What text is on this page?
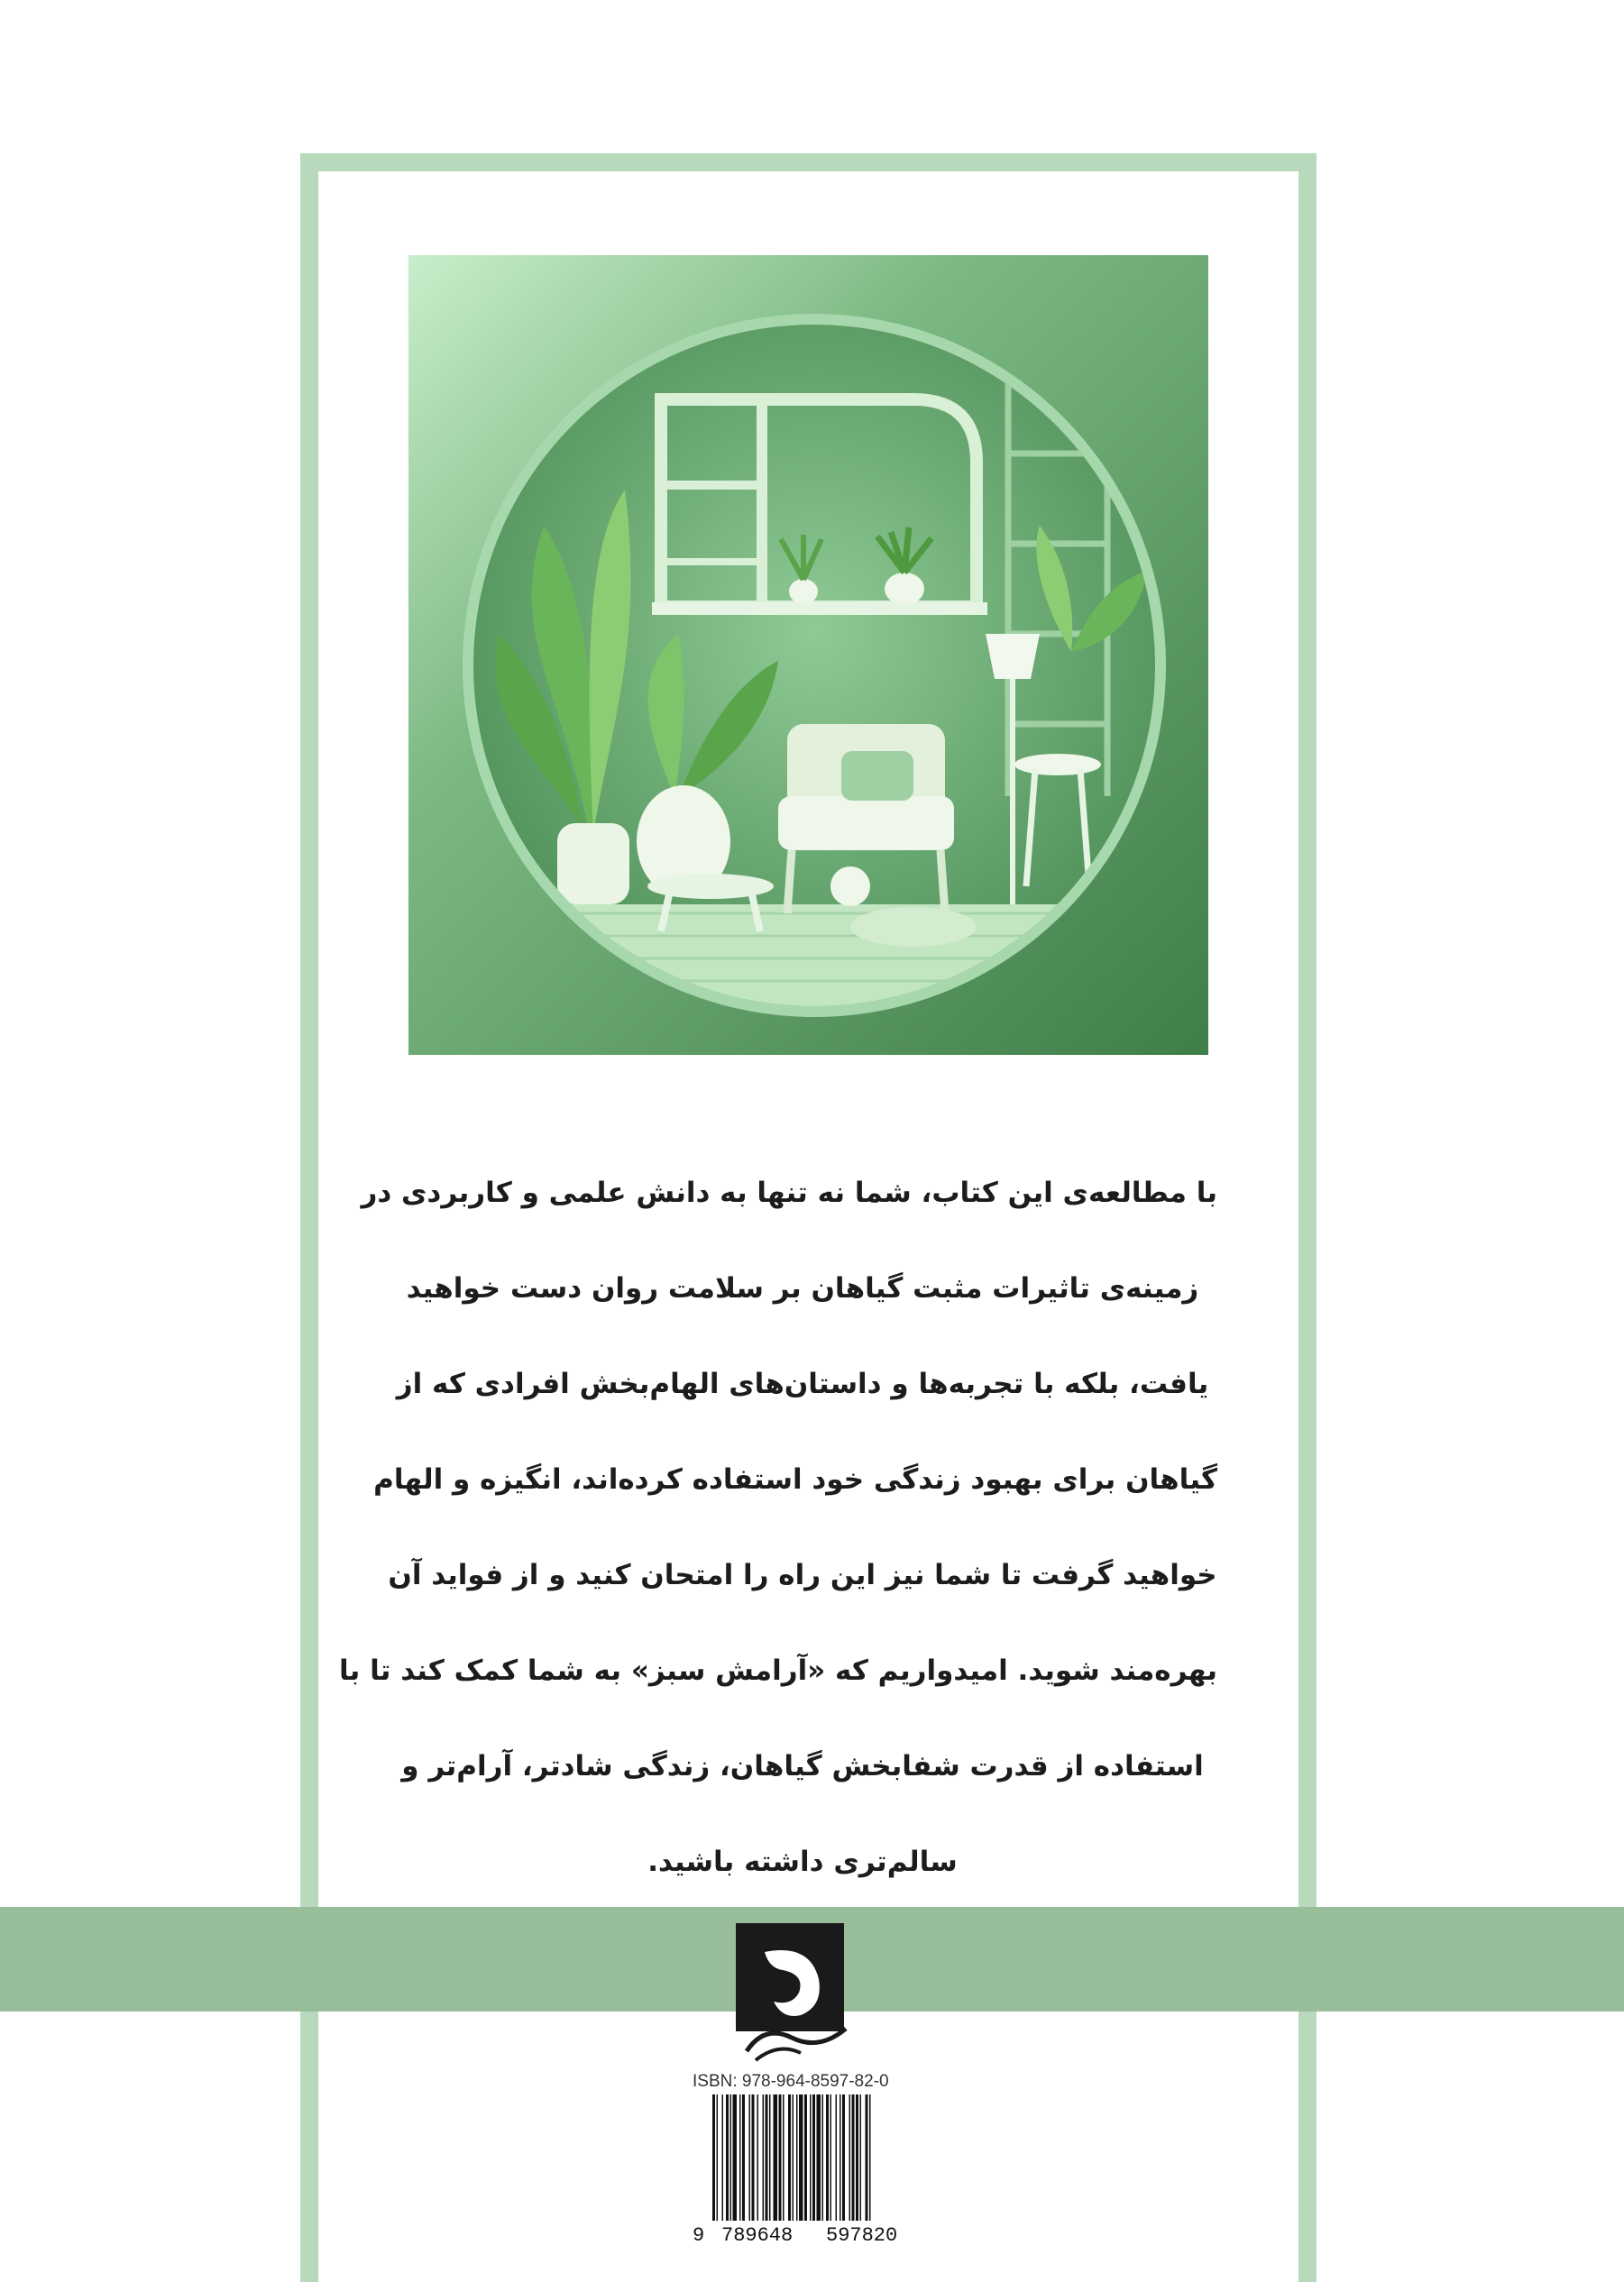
با مطالعه‌ی این کتاب، شما نه تنها به دانش علمی و کاربردی در
زمینه‌ی تاثیرات مثبت گیاهان بر سلامت روان دست خواهید
یافت، بلکه با تجربه‌ها و داستان‌های الهام‌بخش افرادی که از
گیاهان برای بهبود زندگی خود استفاده کرده‌اند، انگیزه و الهام
خواهید گرفت تا شما نیز این راه را امتحان کنید و از فواید آن
بهره‌مند شوید. امیدواریم که «آرامش سبز» به شما کمک کند تا با
استفاده از قدرت شفابخش گیاهان، زندگی شادتر، آرام‌تر و
سالم‌تری داشته باشید.

ISBN: 978-964-8597-82-0
9 789648 597820
